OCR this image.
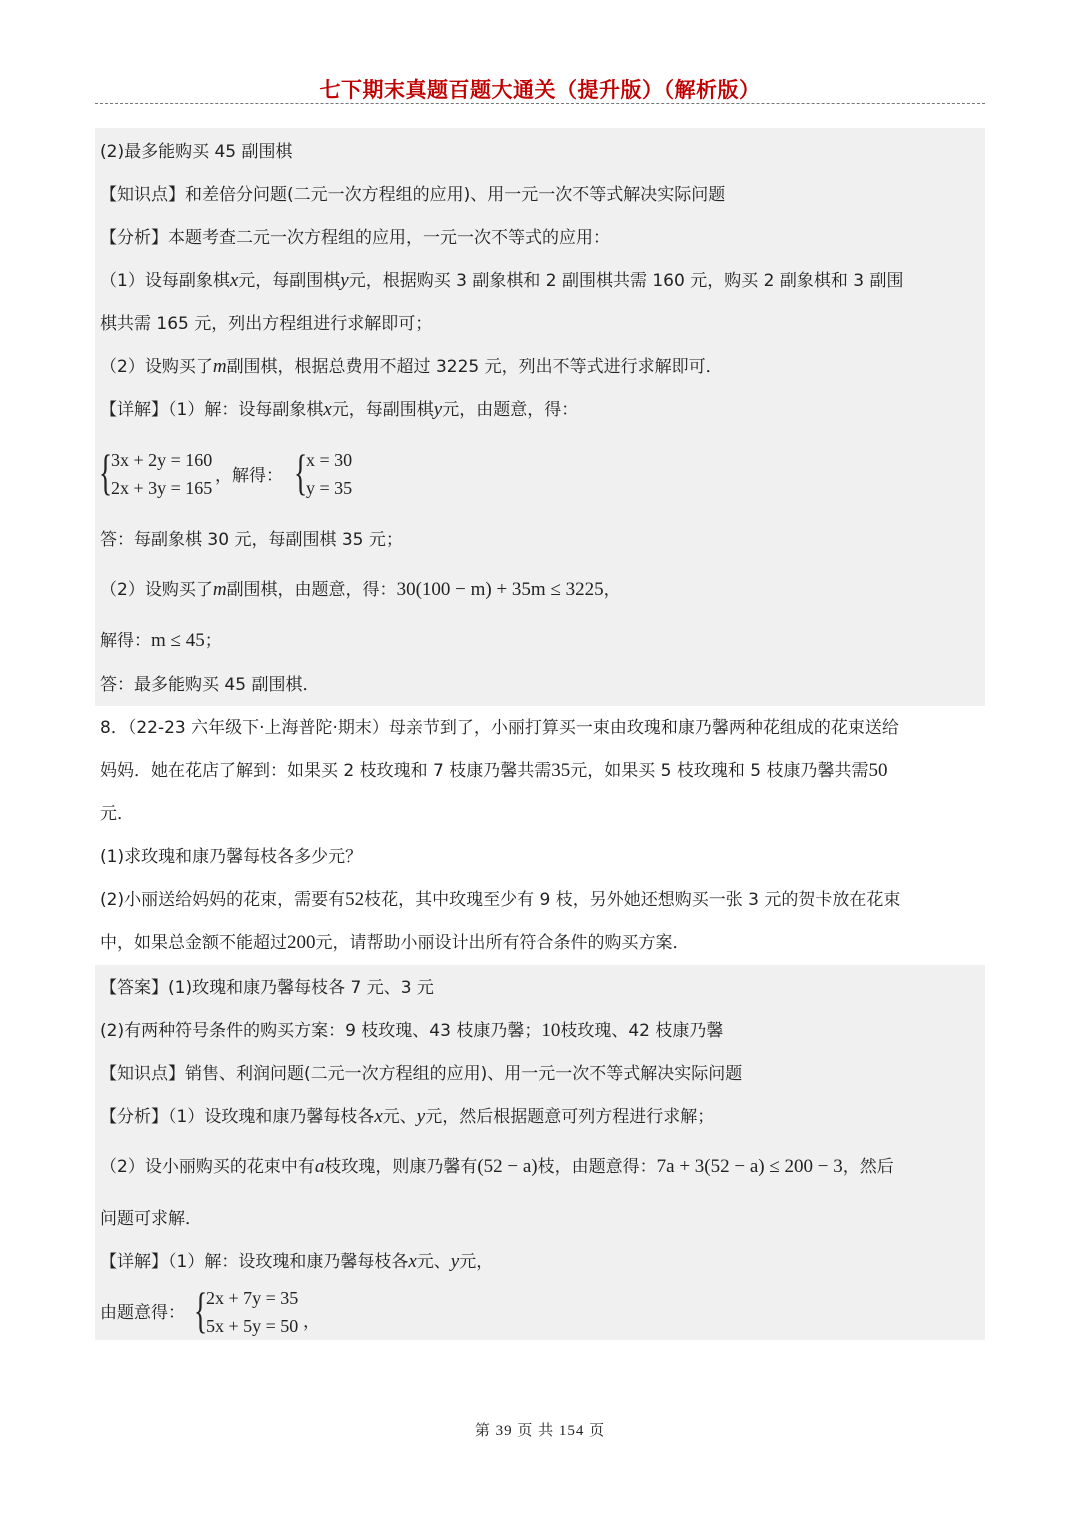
七下期末真题百题大通关（提升版）（解析版）
(2)最多能购买 45 副围棋
【知识点】和差倍分问题(二元一次方程组的应用)、用一元一次不等式解决实际问题
【分析】本题考查二元一次方程组的应用，一元一次不等式的应用：
（1）设每副象棋x元，每副围棋y元，根据购买 3 副象棋和 2 副围棋共需 160 元，购买 2 副象棋和 3 副围
棋共需 165 元，列出方程组进行求解即可；
（2）设购买了m副围棋，根据总费用不超过 3225 元，列出不等式进行求解即可．
【详解】（1）解：设每副象棋x元，每副围棋y元，由题意，得：
{
3x + 2y = 160
2x + 3y = 165
，解得： {
x = 30
y = 35
答：每副象棋 30 元，每副围棋 35 元；
（2）设购买了m副围棋，由题意，得：30(100 − m) + 35m ≤ 3225，
解得：m ≤ 45；
答：最多能购买 45 副围棋．
8．（22-23 六年级下·上海普陀·期末）母亲节到了，小丽打算买一束由玫瑰和康乃馨两种花组成的花束送给
妈妈．她在花店了解到：如果买 2 枝玫瑰和 7 枝康乃馨共需35元，如果买 5 枝玫瑰和 5 枝康乃馨共需50
元．
(1)求玫瑰和康乃馨每枝各多少元？
(2)小丽送给妈妈的花束，需要有52枝花，其中玫瑰至少有 9 枝，另外她还想购买一张 3 元的贺卡放在花束
中，如果总金额不能超过200元，请帮助小丽设计出所有符合条件的购买方案．
【答案】(1)玫瑰和康乃馨每枝各 7 元、3 元
(2)有两种符号条件的购买方案：9 枝玫瑰、43 枝康乃馨；10枝玫瑰、42 枝康乃馨
【知识点】销售、利润问题(二元一次方程组的应用)、用一元一次不等式解决实际问题
【分析】（1）设玫瑰和康乃馨每枝各x元、y元，然后根据题意可列方程进行求解；
（2）设小丽购买的花束中有a枝玫瑰，则康乃馨有(52 − a)枝，由题意得：7a + 3(52 − a) ≤ 200 − 3，然后
问题可求解．
【详解】（1）解：设玫瑰和康乃馨每枝各x元、y元，
由题意得： {
2x + 7y = 35
5x + 5y = 50 ，
第 39 页 共 154 页
